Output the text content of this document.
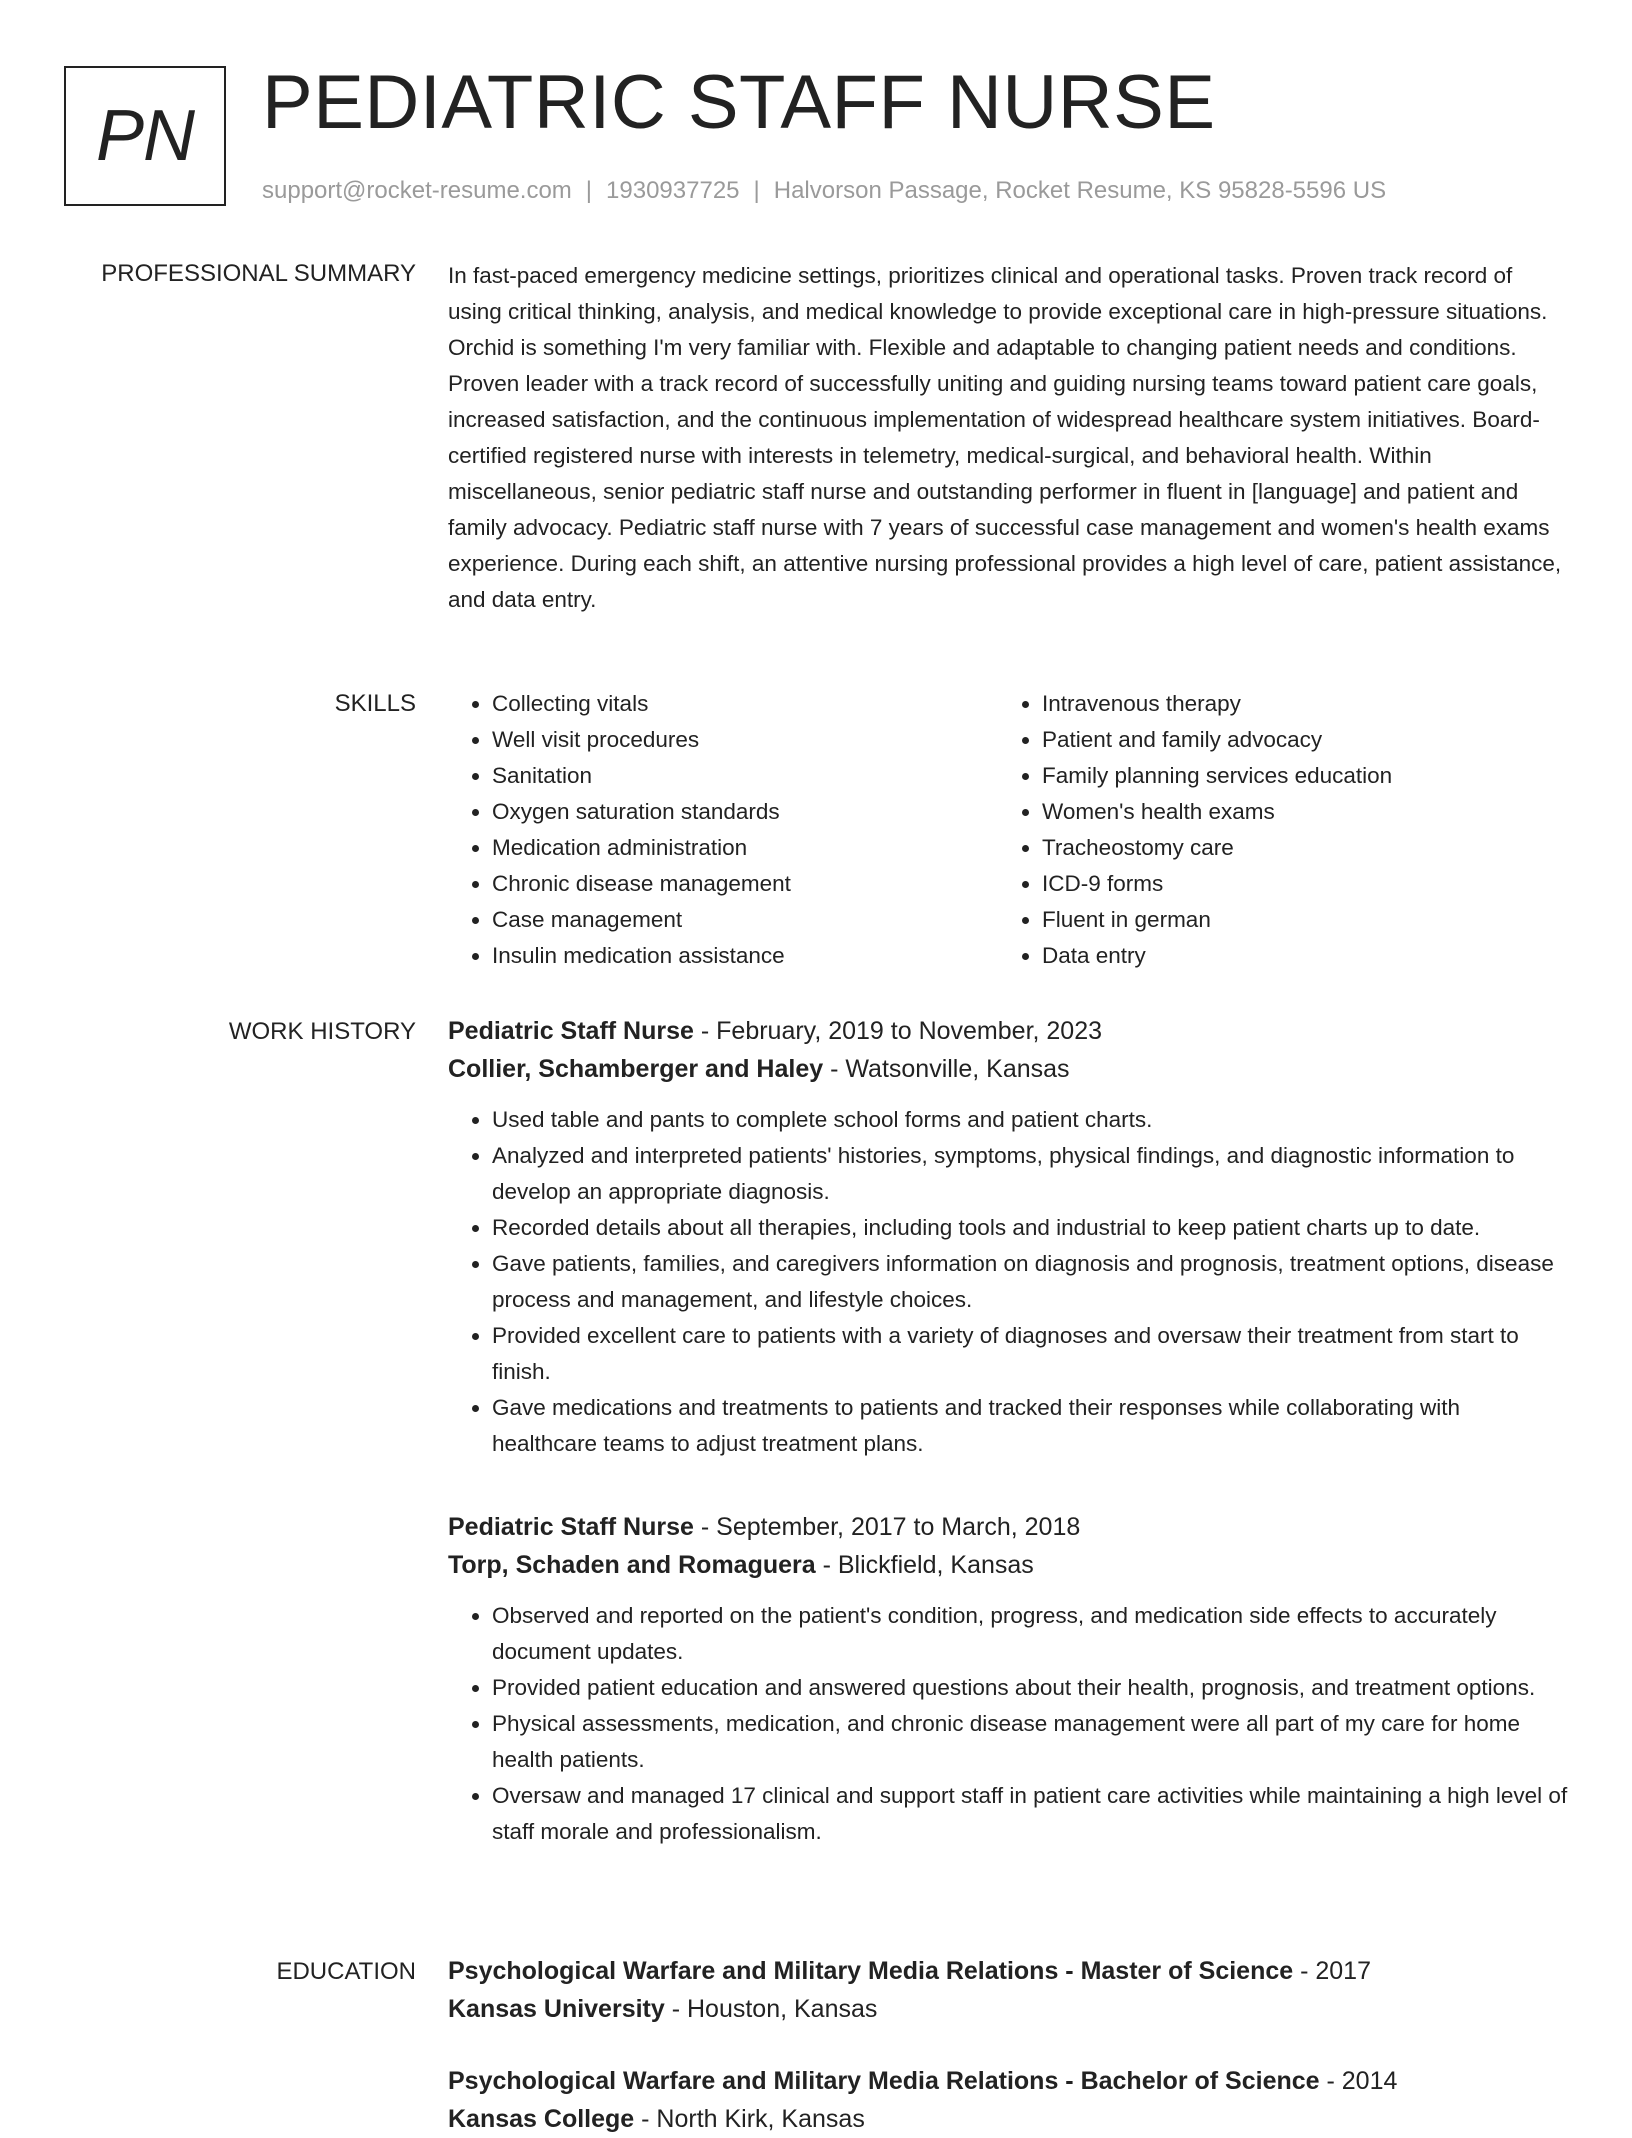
PN PEDIATRIC STAFF NURSE
support@rocket-resume.com | 1930937725 | Halvorson Passage, Rocket Resume, KS 95828-5596 US
PROFESSIONAL SUMMARY In fast-paced emergency medicine settings, prioritizes clinical and operational tasks. Proven track record of using critical thinking, analysis, and medical knowledge to provide exceptional care in high-pressure situations. Orchid is something I'm very familiar with. Flexible and adaptable to changing patient needs and conditions. Proven leader with a track record of successfully uniting and guiding nursing teams toward patient care goals, increased satisfaction, and the continuous implementation of widespread healthcare system initiatives. Board-certified registered nurse with interests in telemetry, medical-surgical, and behavioral health. Within miscellaneous, senior pediatric staff nurse and outstanding performer in fluent in [language] and patient and family advocacy. Pediatric staff nurse with 7 years of successful case management and women's health exams experience. During each shift, an attentive nursing professional provides a high level of care, patient assistance, and data entry.

SKILLS
•	Collecting vitals
• Well visit procedures
• Sanitation
• Oxygen saturation standards
• Medication administration
• Chronic disease management
• Case management
• Insulin medication assistance
• Intravenous therapy
• Patient and family advocacy
• Family planning services education
• Women's health exams
• Tracheostomy care
• ICD-9 forms
• Fluent in german
• Data entry
WORK HISTORY Pediatric Staff Nurse - February, 2019 to November, 2023
Collier, Schamberger and Haley - Watsonville, Kansas
• Used table and pants to complete school forms and patient charts.
• Analyzed and interpreted patients' histories, symptoms, physical findings, and diagnostic information to develop an appropriate diagnosis.
• Recorded details about all therapies, including tools and industrial to keep patient charts up to date.
• Gave patients, families, and caregivers information on diagnosis and prognosis, treatment options, disease process and management, and lifestyle choices.
• Provided excellent care to patients with a variety of diagnoses and oversaw their treatment from start to finish.
• Gave medications and treatments to patients and tracked their responses while collaborating with healthcare teams to adjust treatment plans.
Pediatric Staff Nurse - September, 2017 to March, 2018
Torp, Schaden and Romaguera - Blickfield, Kansas
• Observed and reported on the patient's condition, progress, and medication side effects to accurately document updates.
• Provided patient education and answered questions about their health, prognosis, and treatment options.
• Physical assessments, medication, and chronic disease management were all part of my care for home health patients.
• Oversaw and managed 17 clinical and support staff in patient care activities while maintaining a high level of staff morale and professionalism.
EDUCATION Psychological Warfare and Military Media Relations - Master of Science - 2017
Kansas University - Houston, Kansas
Psychological Warfare and Military Media Relations - Bachelor of Science - 2014
Kansas College - North Kirk, Kansas
